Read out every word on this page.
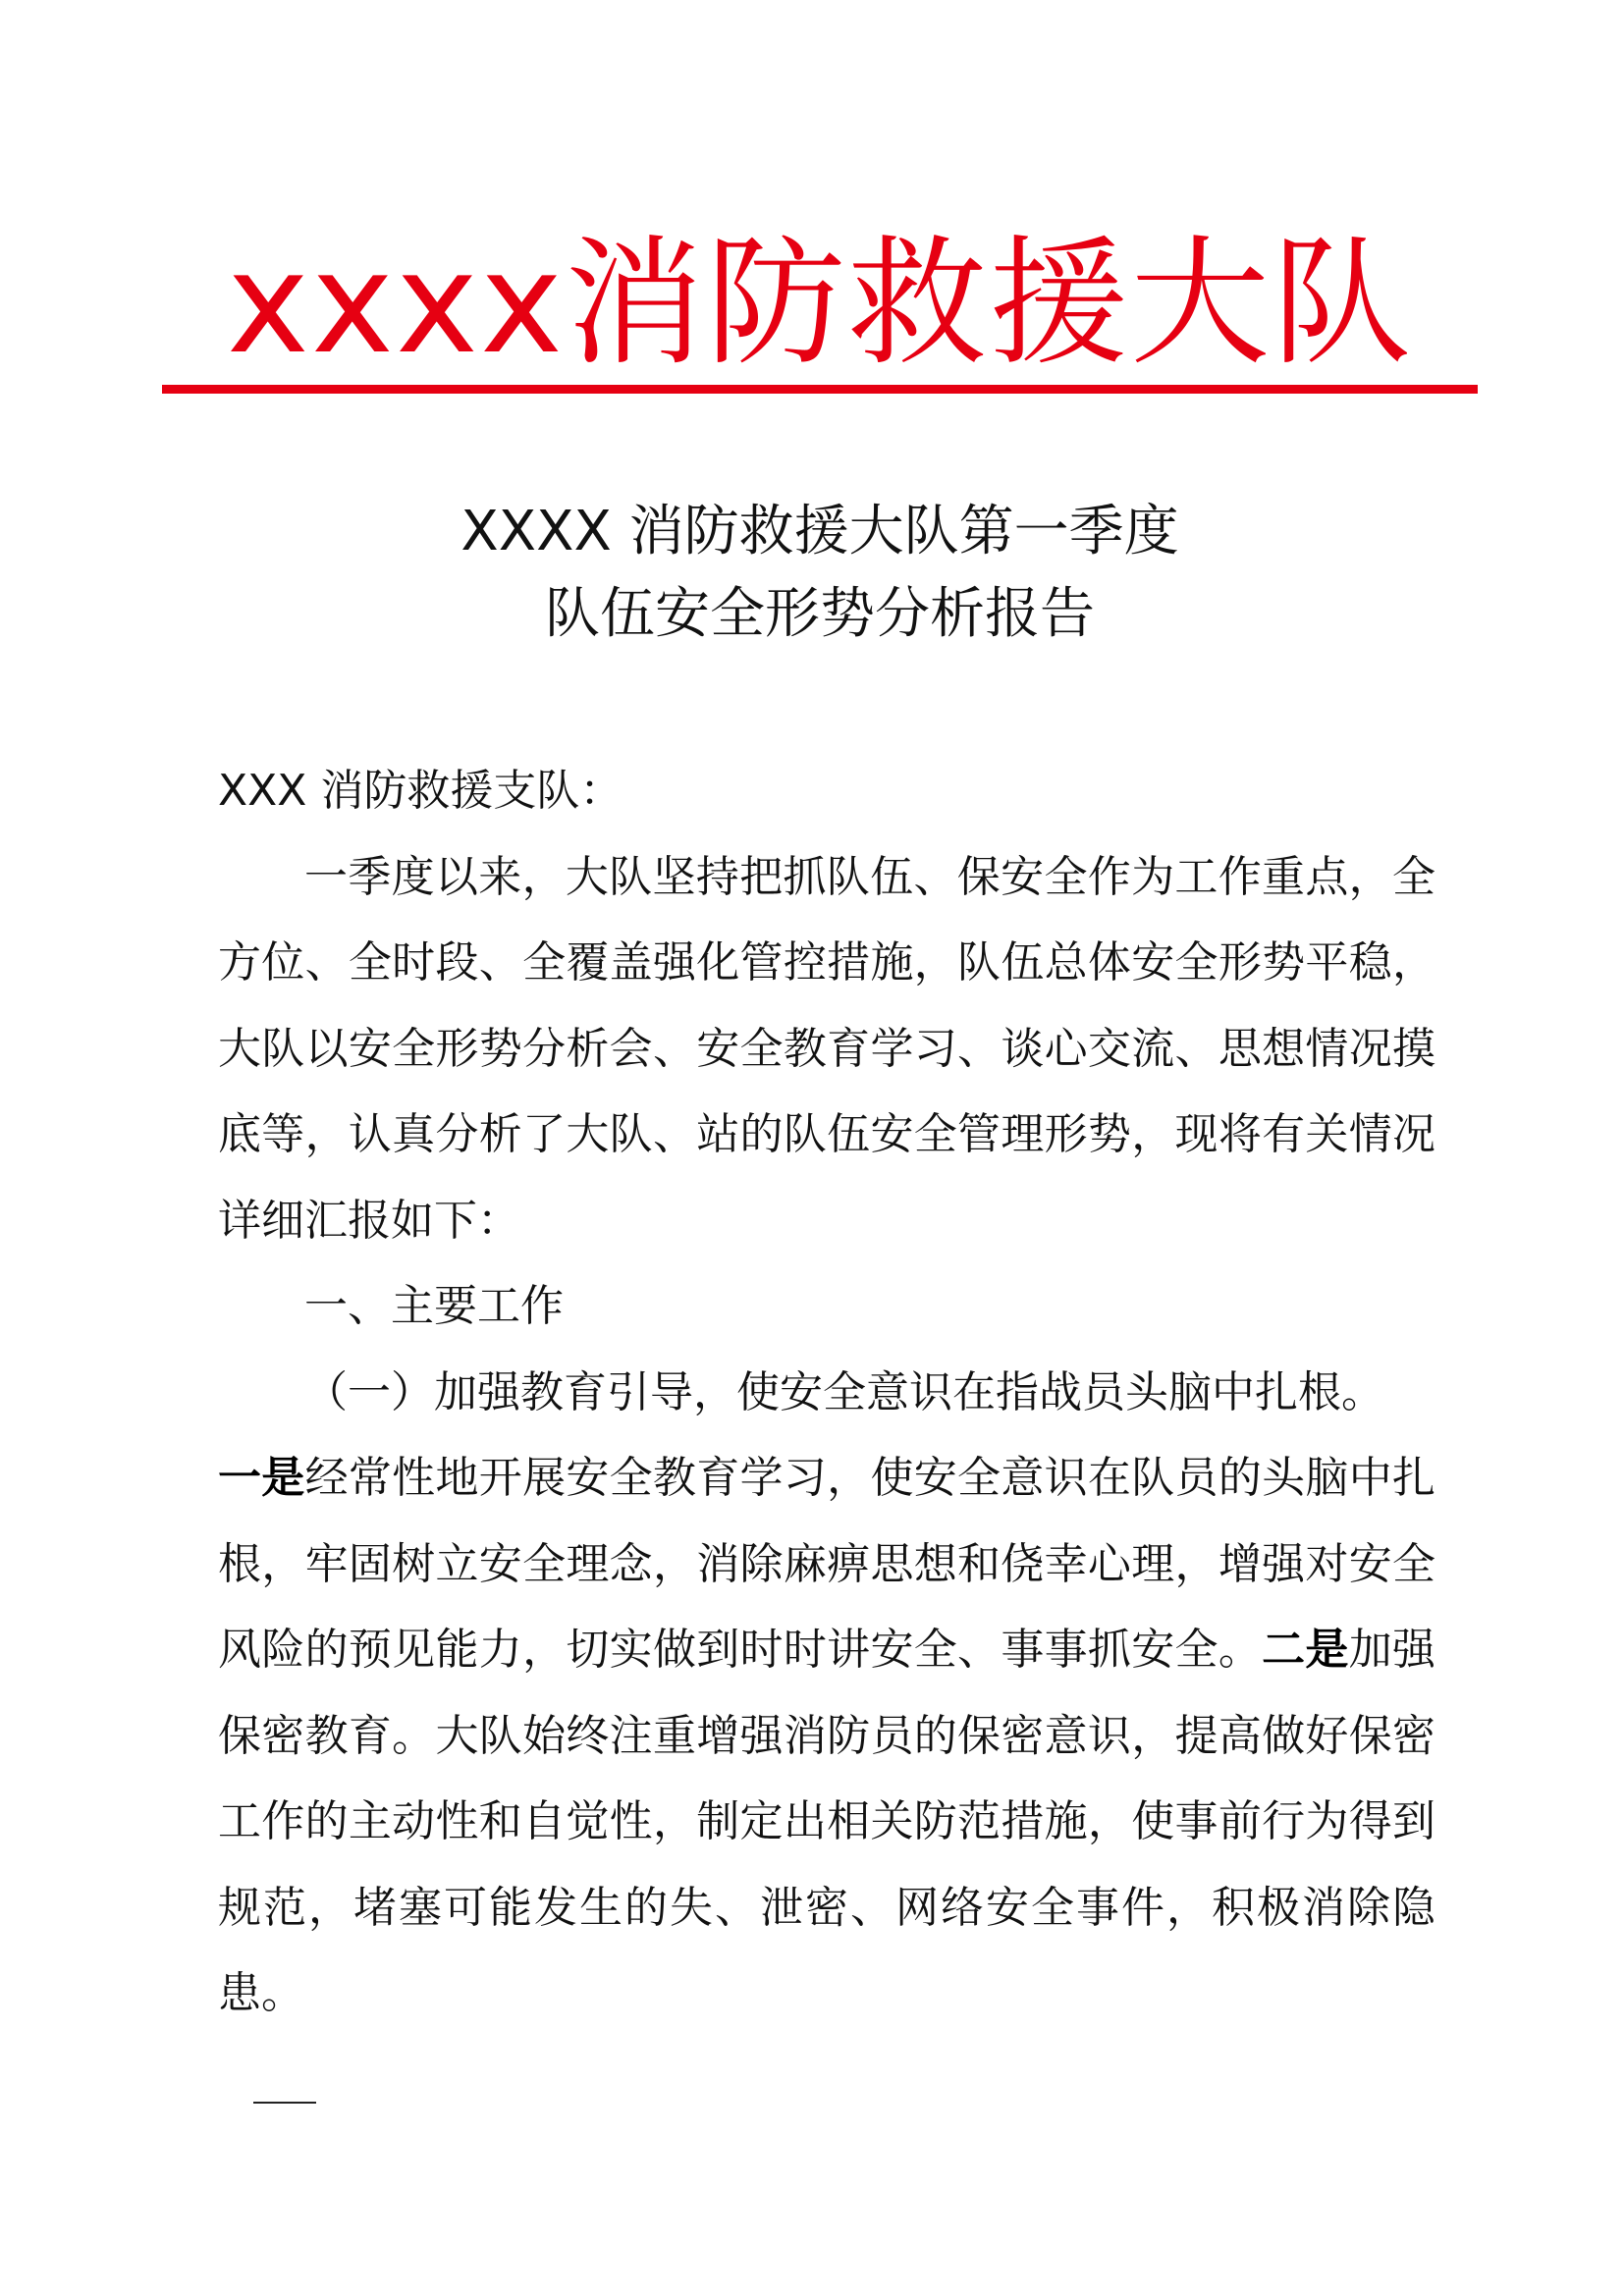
xxxx消防救援大队
XXXX 消防救援大队第一季度
队伍安全形势分析报告

XXX 消防救援支队：

一季度以来，大队坚持把抓队伍、保安全作为工作重点，全方位、全时段、全覆盖强化管控措施，队伍总体安全形势平稳，大队以安全形势分析会、安全教育学习、谈心交流、思想情况摸底等，认真分析了大队、站的队伍安全管理形势，现将有关情况详细汇报如下：

一、主要工作

（一）加强教育引导，使安全意识在指战员头脑中扎根。

一是经常性地开展安全教育学习，使安全意识在队员的头脑中扎根，牢固树立安全理念，消除麻痹思想和侥幸心理，增强对安全风险的预见能力，切实做到时时讲安全、事事抓安全。二是加强保密教育。大队始终注重增强消防员的保密意识，提高做好保密工作的主动性和自觉性，制定出相关防范措施，使事前行为得到规范，堵塞可能发生的失、泄密、网络安全事件，积极消除隐患。
